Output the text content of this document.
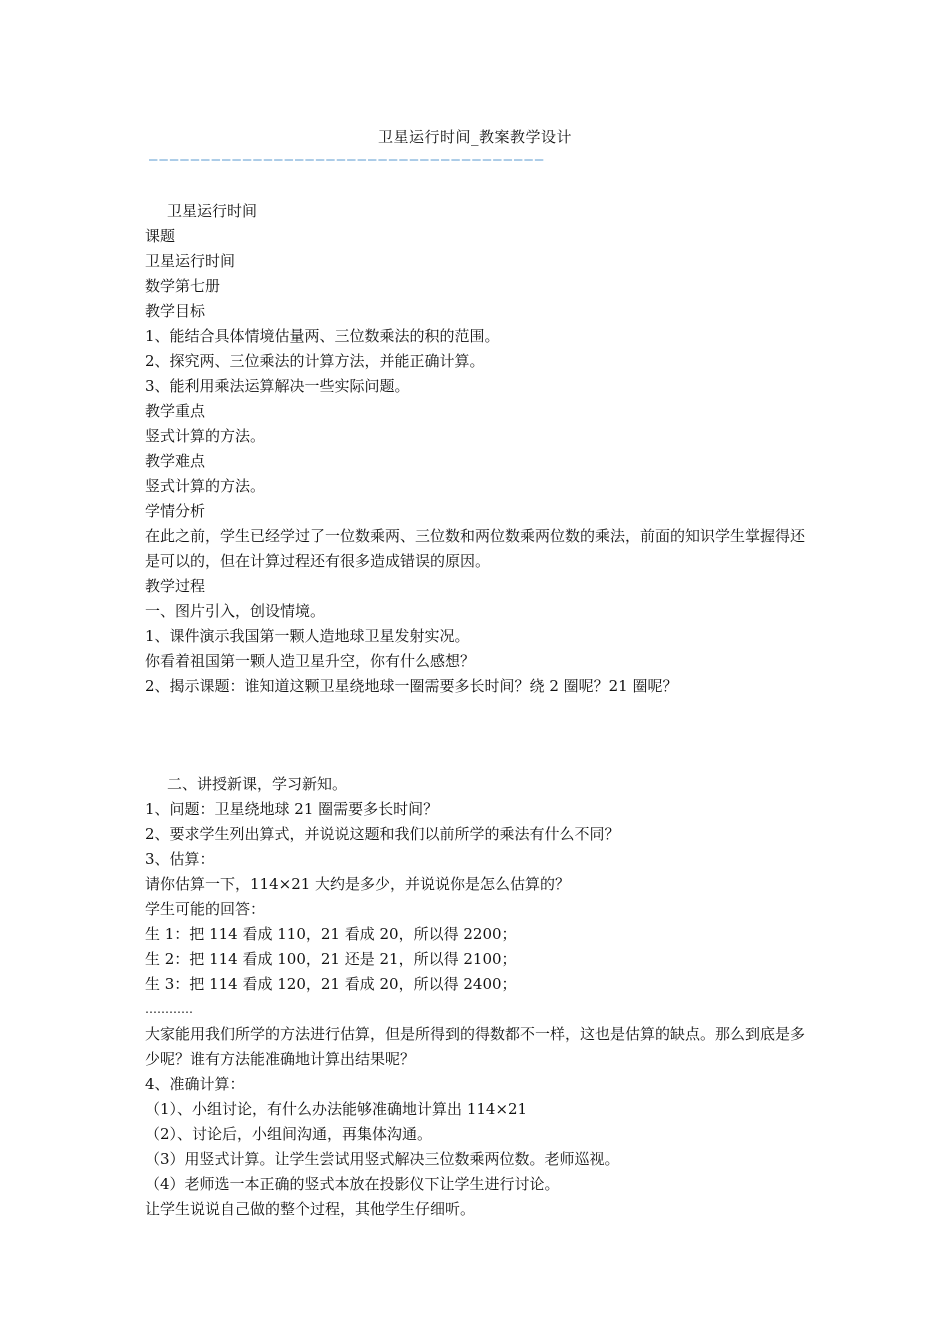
卫星运行时间_教案教学设计
——————————————————————————————————————
卫星运行时间
课题
卫星运行时间
数学第七册
教学目标
1、能结合具体情境估量两、三位数乘法的积的范围。
2、探究两、三位乘法的计算方法，并能正确计算。
3、能利用乘法运算解决一些实际问题。
教学重点
竖式计算的方法。
教学难点
竖式计算的方法。
学情分析
在此之前，学生已经学过了一位数乘两、三位数和两位数乘两位数的乘法，前面的知识学生掌握得还是可以的，但在计算过程还有很多造成错误的原因。
教学过程
一、图片引入，创设情境。
1、课件演示我国第一颗人造地球卫星发射实况。
你看着祖国第一颗人造卫星升空，你有什么感想？
2、揭示课题：谁知道这颗卫星绕地球一圈需要多长时间？绕 2 圈呢？21 圈呢？
二、讲授新课，学习新知。
1、问题：卫星绕地球 21 圈需要多长时间？
2、要求学生列出算式，并说说这题和我们以前所学的乘法有什么不同？
3、估算：
请你估算一下，114×21 大约是多少，并说说你是怎么估算的？
学生可能的回答：
生 1：把 114 看成 110，21 看成 20，所以得 2200；
生 2：把 114 看成 100，21 还是 21，所以得 2100；
生 3：把 114 看成 120，21 看成 20，所以得 2400；
…………
大家能用我们所学的方法进行估算，但是所得到的得数都不一样，这也是估算的缺点。那么到底是多少呢？谁有方法能准确地计算出结果呢？
4、准确计算：
（1）、小组讨论，有什么办法能够准确地计算出 114×21
（2）、讨论后，小组间沟通，再集体沟通。
（3）用竖式计算。让学生尝试用竖式解决三位数乘两位数。老师巡视。
（4）老师选一本正确的竖式本放在投影仪下让学生进行讨论。
让学生说说自己做的整个过程，其他学生仔细听。
